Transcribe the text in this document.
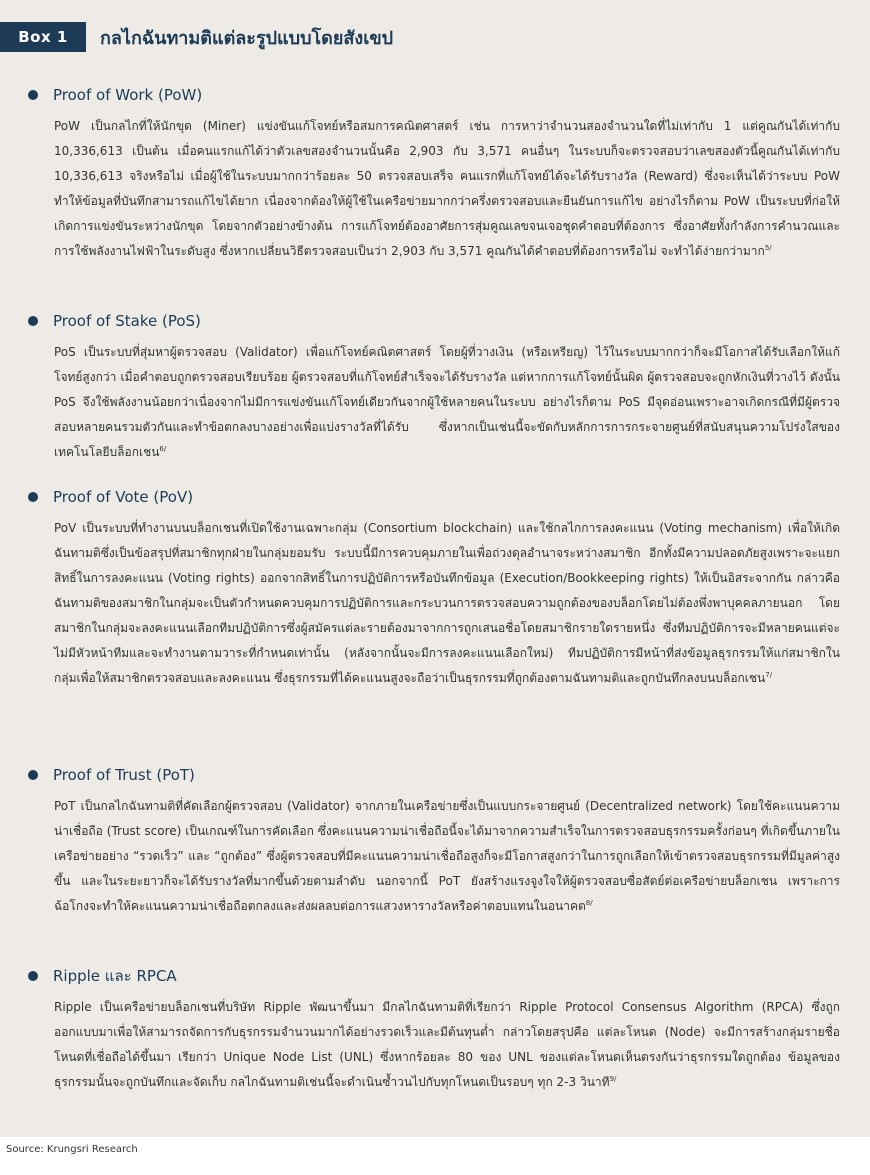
Box 1	กลไกฉันทามติแต่ละรูปแบบโดยสังเขป
Proof of Work (PoW)
PoW เป็นกลไกที่ให้นักขุด (Miner) แข่งขันแก้โจทย์หรือสมการคณิตศาสตร์ เช่น การหาว่าจำนวนสองจำนวนใดที่ไม่เท่ากับ 1 แต่คูณกันได้เท่ากับ 10,336,613 เป็นต้น เมื่อคนแรกแก้ได้ว่าตัวเลขสองจำนวนนั้นคือ 2,903 กับ 3,571 คนอื่นๆ ในระบบก็จะตรวจสอบว่าเลขสองตัวนี้คูณกันได้เท่ากับ 10,336,613 จริงหรือไม่ เมื่อผู้ใช้ในระบบมากกว่าร้อยละ 50 ตรวจสอบเสร็จ คนแรกที่แก้โจทย์ได้จะได้รับรางวัล (Reward) ซึ่งจะเห็นได้ว่าระบบ PoW ทำให้ข้อมูลที่บันทึกสามารถแก้ไขได้ยาก เนื่องจากต้องให้ผู้ใช้ในเครือข่ายมากกว่าครึ่งตรวจสอบและยืนยันการแก้ไข อย่างไรก็ตาม PoW เป็นระบบที่ก่อให้เกิดการแข่งขันระหว่างนักขุด โดยจากตัวอย่างข้างต้น การแก้โจทย์ต้องอาศัยการสุ่มคูณเลขจนเจอชุดคำตอบที่ต้องการ ซึ่งอาศัยทั้งกำลังการคำนวณและการใช้พลังงานไฟฟ้าในระดับสูง ซึ่งหากเปลี่ยนวิธีตรวจสอบเป็นว่า 2,903 กับ 3,571 คูณกันได้คำตอบที่ต้องการหรือไม่ จะทำได้ง่ายกว่ามาก$^{5/}$
Proof of Stake (PoS)
PoS เป็นระบบที่สุ่มหาผู้ตรวจสอบ (Validator) เพื่อแก้โจทย์คณิตศาสตร์ โดยผู้ที่วางเงิน (หรือเหรียญ) ไว้ในระบบมากกว่าก็จะมีโอกาสได้รับเลือกให้แก้โจทย์สูงกว่า เมื่อคำตอบถูกตรวจสอบเรียบร้อย ผู้ตรวจสอบที่แก้โจทย์สำเร็จจะได้รับรางวัล แต่หากการแก้โจทย์นั้นผิด ผู้ตรวจสอบจะถูกหักเงินที่วางไว้ ดังนั้น PoS จึงใช้พลังงานน้อยกว่าเนื่องจากไม่มีการแข่งขันแก้โจทย์เดียวกันจากผู้ใช้หลายคนในระบบ อย่างไรก็ตาม PoS มีจุดอ่อนเพราะอาจเกิดกรณีที่มีผู้ตรวจสอบหลายคนรวมตัวกันและทำข้อตกลงบางอย่างเพื่อแบ่งรางวัลที่ได้รับ ซึ่งหากเป็นเช่นนี้จะขัดกับหลักการการกระจายศูนย์ที่สนับสนุนความโปร่งใสของเทคโนโลยีบล็อกเชน$^{6/}$
Proof of Vote (PoV)
PoV เป็นระบบที่ทำงานบนบล็อกเชนที่เปิดใช้งานเฉพาะกลุ่ม (Consortium blockchain) และใช้กลไกการลงคะแนน (Voting mechanism) เพื่อให้เกิดฉันทามติซึ่งเป็นข้อสรุปที่สมาชิกทุกฝ่ายในกลุ่มยอมรับ ระบบนี้มีการควบคุมภายในเพื่อถ่วงดุลอำนาจระหว่างสมาชิก อีกทั้งมีความปลอดภัยสูงเพราะจะแยกสิทธิ์ในการลงคะแนน (Voting rights) ออกจากสิทธิ์ในการปฏิบัติการหรือบันทึกข้อมูล (Execution/Bookkeeping rights) ให้เป็นอิสระจากกัน กล่าวคือ ฉันทามติของสมาชิกในกลุ่มจะเป็นตัวกำหนดควบคุมการปฏิบัติการและกระบวนการตรวจสอบความถูกต้องของบล็อกโดยไม่ต้องพึ่งพาบุคคลภายนอก โดยสมาชิกในกลุ่มจะลงคะแนนเลือกทีมปฏิบัติการซึ่งผู้สมัครแต่ละรายต้องมาจากการถูกเสนอชื่อโดยสมาชิกรายใดรายหนึ่ง ซึ่งทีมปฏิบัติการจะมีหลายคนแต่จะไม่มีหัวหน้าทีมและจะทำงานตามวาระที่กำหนดเท่านั้น (หลังจากนั้นจะมีการลงคะแนนเลือกใหม่) ทีมปฏิบัติการมีหน้าที่ส่งข้อมูลธุรกรรมให้แก่สมาชิกในกลุ่มเพื่อให้สมาชิกตรวจสอบและลงคะแนน ซึ่งธุรกรรมที่ได้คะแนนสูงจะถือว่าเป็นธุรกรรมที่ถูกต้องตามฉันทามติและถูกบันทึกลงบนบล็อกเชน$^{7/}$
Proof of Trust (PoT)
PoT เป็นกลไกฉันทามติที่คัดเลือกผู้ตรวจสอบ (Validator) จากภายในเครือข่ายซึ่งเป็นแบบกระจายศูนย์ (Decentralized network) โดยใช้คะแนนความน่าเชื่อถือ (Trust score) เป็นเกณฑ์ในการคัดเลือก ซึ่งคะแนนความน่าเชื่อถือนี้จะได้มาจากความสำเร็จในการตรวจสอบธุรกรรมครั้งก่อนๆ ที่เกิดขึ้นภายในเครือข่ายอย่าง “รวดเร็ว” และ “ถูกต้อง” ซึ่งผู้ตรวจสอบที่มีคะแนนความน่าเชื่อถือสูงก็จะมีโอกาสสูงกว่าในการถูกเลือกให้เข้าตรวจสอบธุรกรรมที่มีมูลค่าสูงขึ้น และในระยะยาวก็จะได้รับรางวัลที่มากขึ้นด้วยตามลำดับ นอกจากนี้ PoT ยังสร้างแรงจูงใจให้ผู้ตรวจสอบซื่อสัตย์ต่อเครือข่ายบล็อกเชน เพราะการฉ้อโกงจะทำให้คะแนนความน่าเชื่อถือตกลงและส่งผลลบต่อการแสวงหารางวัลหรือค่าตอบแทนในอนาคต$^{8/}$
Ripple และ RPCA
Ripple เป็นเครือข่ายบล็อกเชนที่บริษัท Ripple พัฒนาขึ้นมา มีกลไกฉันทามติที่เรียกว่า Ripple Protocol Consensus Algorithm (RPCA) ซึ่งถูกออกแบบมาเพื่อให้สามารถจัดการกับธุรกรรมจำนวนมากได้อย่างรวดเร็วและมีต้นทุนต่ำ กล่าวโดยสรุปคือ แต่ละโหนด (Node) จะมีการสร้างกลุ่มรายชื่อโหนดที่เชื่อถือได้ขึ้นมา เรียกว่า Unique Node List (UNL) ซึ่งหากร้อยละ 80 ของ UNL ของแต่ละโหนดเห็นตรงกันว่าธุรกรรมใดถูกต้อง ข้อมูลของธุรกรรมนั้นจะถูกบันทึกและจัดเก็บ กลไกฉันทามติเช่นนี้จะดำเนินซ้ำวนไปกับทุกโหนดเป็นรอบๆ ทุก 2-3 วินาที$^{9/}$
Source: Krungsri Research
